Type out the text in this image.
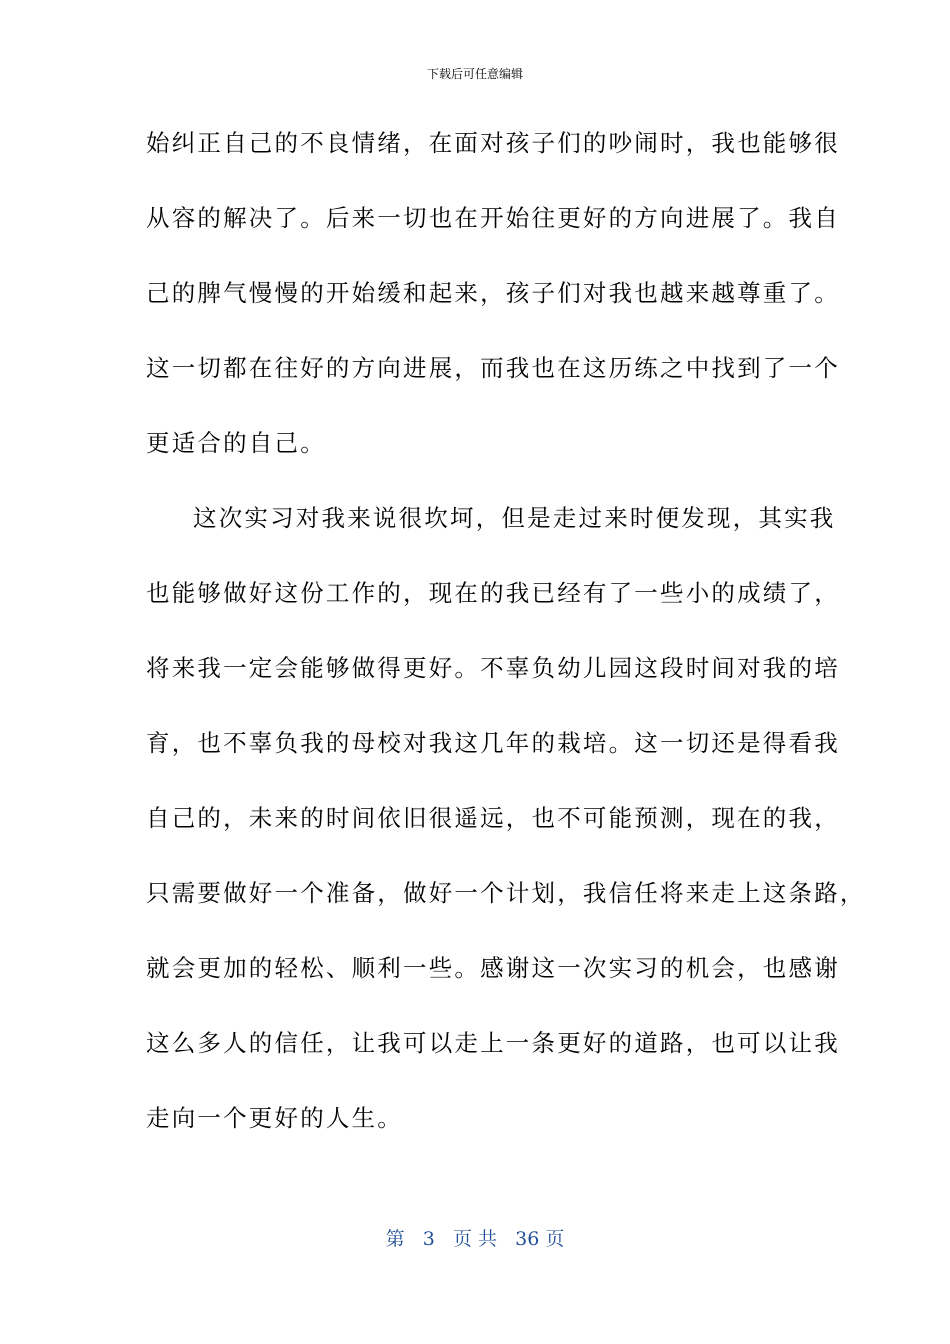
下载后可任意编辑
始纠正自己的不良情绪，在面对孩子们的吵闹时，我也能够很
从容的解决了。后来一切也在开始往更好的方向进展了。我自
己的脾气慢慢的开始缓和起来，孩子们对我也越来越尊重了。
这一切都在往好的方向进展，而我也在这历练之中找到了一个
更适合的自己。
这次实习对我来说很坎坷，但是走过来时便发现，其实我
也能够做好这份工作的，现在的我已经有了一些小的成绩了，
将来我一定会能够做得更好。不辜负幼儿园这段时间对我的培
育，也不辜负我的母校对我这几年的栽培。这一切还是得看我
自己的，未来的时间依旧很遥远，也不可能预测，现在的我，
只需要做好一个准备，做好一个计划，我信任将来走上这条路，
就会更加的轻松、顺利一些。感谢这一次实习的机会，也感谢
这么多人的信任，让我可以走上一条更好的道路，也可以让我
走向一个更好的人生。
第 3 页 共 36 页
